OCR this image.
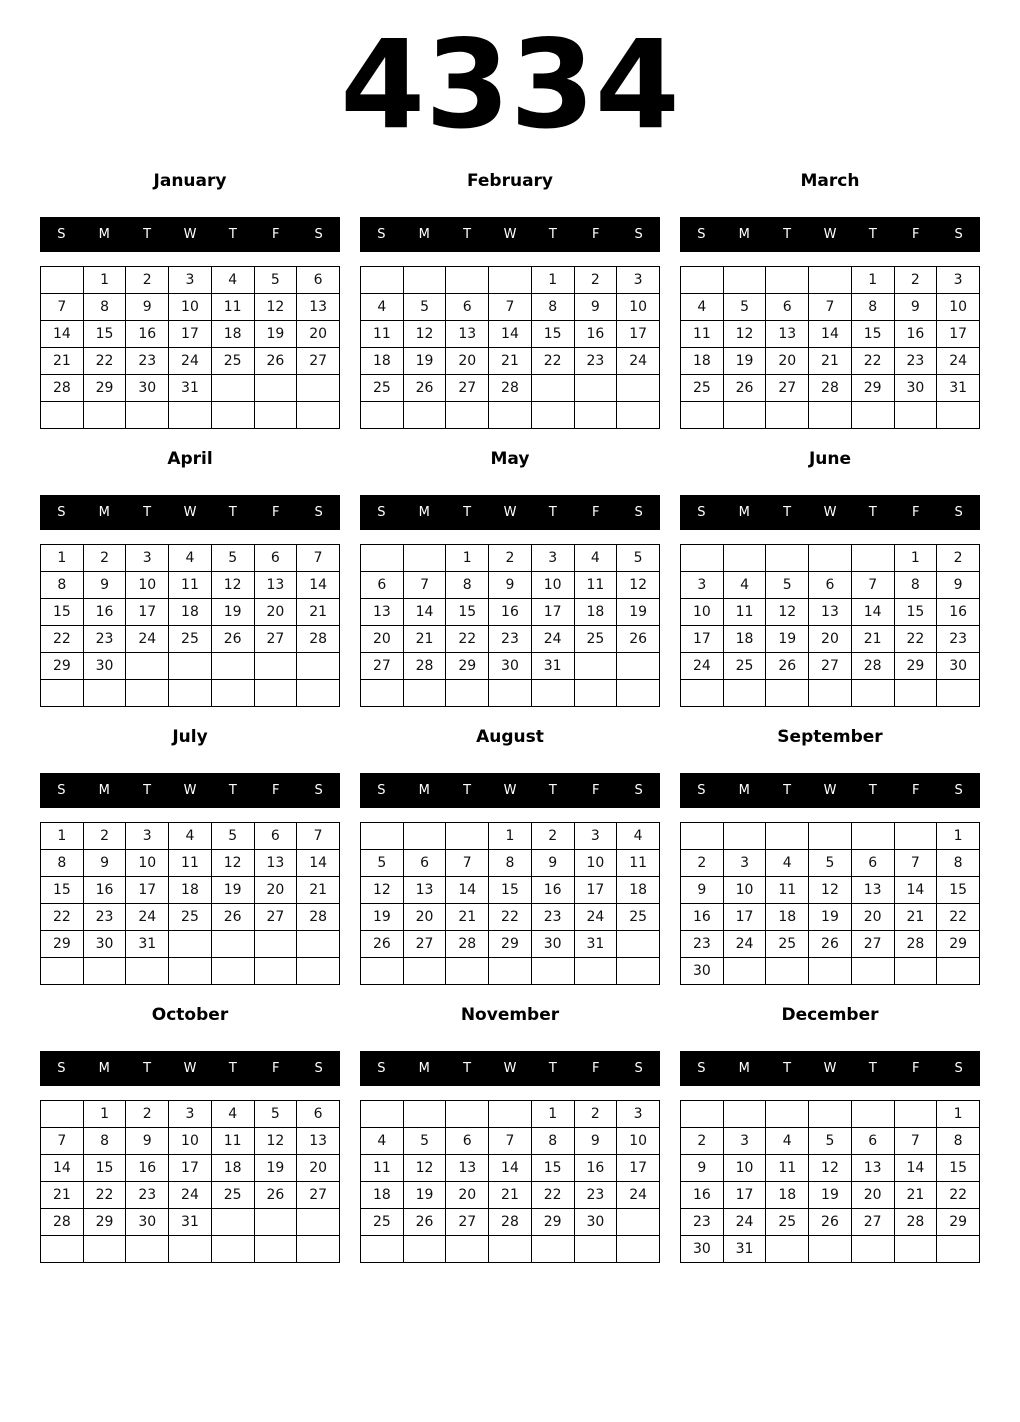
4334
January
S	M	T	W	T	F	S
	1	2	3	4	5	6
7	8	9	10	11	12	13
14	15	16	17	18	19	20
21	22	23	24	25	26	27
28	29	30	31			

February
S	M	T	W	T	F	S
				1	2	3
4	5	6	7	8	9	10
11	12	13	14	15	16	17
18	19	20	21	22	23	24
25	26	27	28			

March
S	M	T	W	T	F	S
				1	2	3
4	5	6	7	8	9	10
11	12	13	14	15	16	17
18	19	20	21	22	23	24
25	26	27	28	29	30	31

April
S	M	T	W	T	F	S
1	2	3	4	5	6	7
8	9	10	11	12	13	14
15	16	17	18	19	20	21
22	23	24	25	26	27	28
29	30					

May
S	M	T	W	T	F	S
		1	2	3	4	5
6	7	8	9	10	11	12
13	14	15	16	17	18	19
20	21	22	23	24	25	26
27	28	29	30	31		

June
S	M	T	W	T	F	S
					1	2
3	4	5	6	7	8	9
10	11	12	13	14	15	16
17	18	19	20	21	22	23
24	25	26	27	28	29	30

July
S	M	T	W	T	F	S
1	2	3	4	5	6	7
8	9	10	11	12	13	14
15	16	17	18	19	20	21
22	23	24	25	26	27	28
29	30	31				

August
S	M	T	W	T	F	S
			1	2	3	4
5	6	7	8	9	10	11
12	13	14	15	16	17	18
19	20	21	22	23	24	25
26	27	28	29	30	31	

September
S	M	T	W	T	F	S
						1
2	3	4	5	6	7	8
9	10	11	12	13	14	15
16	17	18	19	20	21	22
23	24	25	26	27	28	29
30						
October
S	M	T	W	T	F	S
	1	2	3	4	5	6
7	8	9	10	11	12	13
14	15	16	17	18	19	20
21	22	23	24	25	26	27
28	29	30	31			

November
S	M	T	W	T	F	S
				1	2	3
4	5	6	7	8	9	10
11	12	13	14	15	16	17
18	19	20	21	22	23	24
25	26	27	28	29	30	

December
S	M	T	W	T	F	S
						1
2	3	4	5	6	7	8
9	10	11	12	13	14	15
16	17	18	19	20	21	22
23	24	25	26	27	28	29
30	31					
